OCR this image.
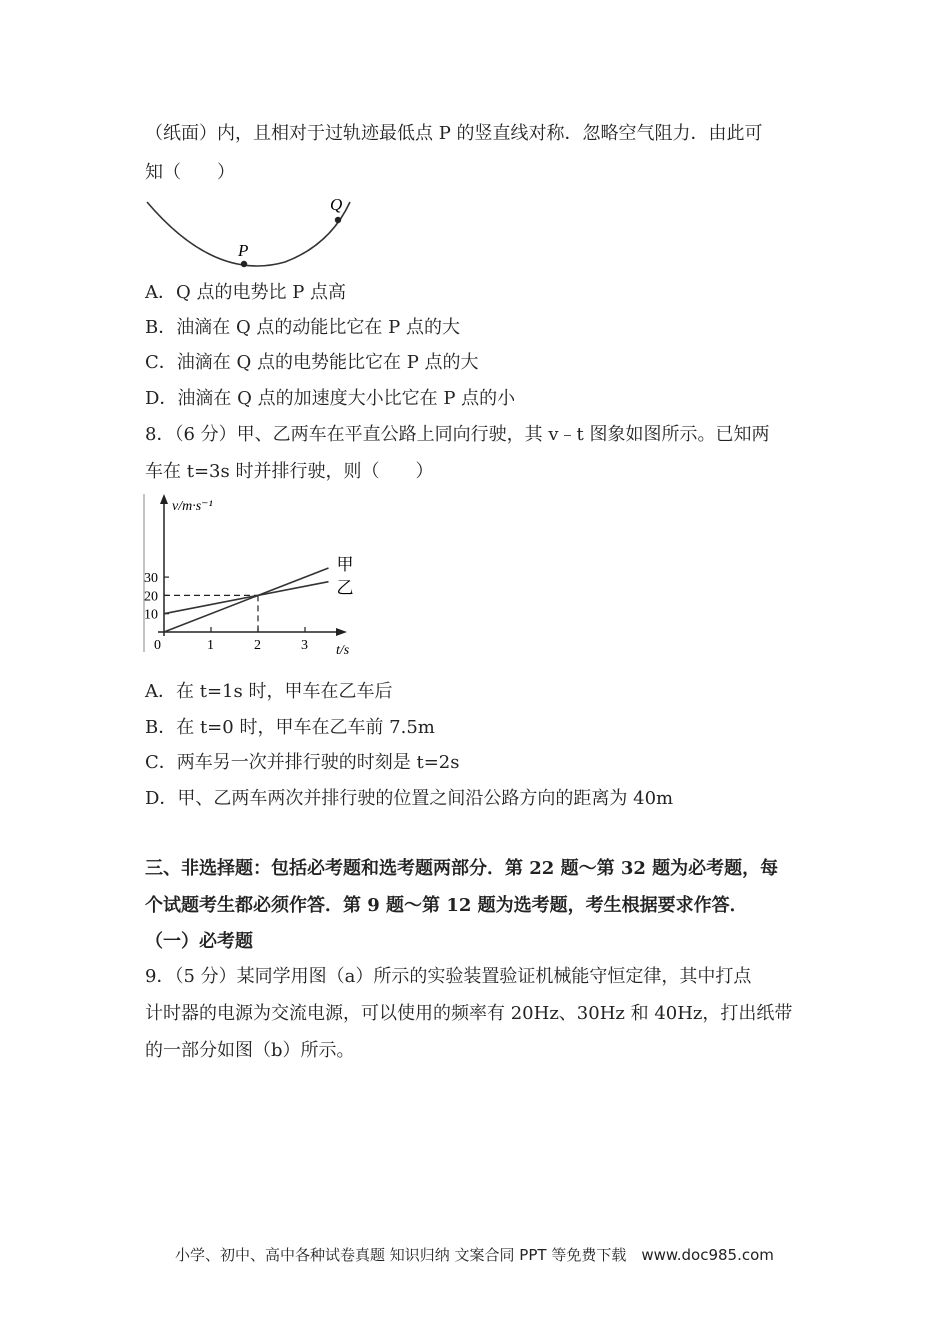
（纸面）内，且相对于过轨迹最低点 P 的竖直线对称．忽略空气阻力．由此可
知（　　）
P
Q
A．Q 点的电势比 P 点高
B．油滴在 Q 点的动能比它在 P 点的大
C．油滴在 Q 点的电势能比它在 P 点的大
D．油滴在 Q 点的加速度大小比它在 P 点的小
8．（6 分）甲、乙两车在平直公路上同向行驶，其 v﹣t 图象如图所示。已知两
车在 t=3s 时并排行驶，则（　　）
0	1	2	3
10
20
30
甲
乙
v/m·s⁻¹
t/s
A．在 t=1s 时，甲车在乙车后
B．在 t=0 时，甲车在乙车前 7.5m
C．两车另一次并排行驶的时刻是 t=2s
D．甲、乙两车两次并排行驶的位置之间沿公路方向的距离为 40m
三、非选择题：包括必考题和选考题两部分．第 22 题～第 32 题为必考题，每
个试题考生都必须作答．第 9 题～第 12 题为选考题，考生根据要求作答．
（一）必考题
9．（5 分）某同学用图（a）所示的实验装置验证机械能守恒定律，其中打点
计时器的电源为交流电源，可以使用的频率有 20Hz、30Hz 和 40Hz，打出纸带
的一部分如图（b）所示。
小学、初中、高中各种试卷真题 知识归纳 文案合同 PPT 等免费下载　www.doc985.com
